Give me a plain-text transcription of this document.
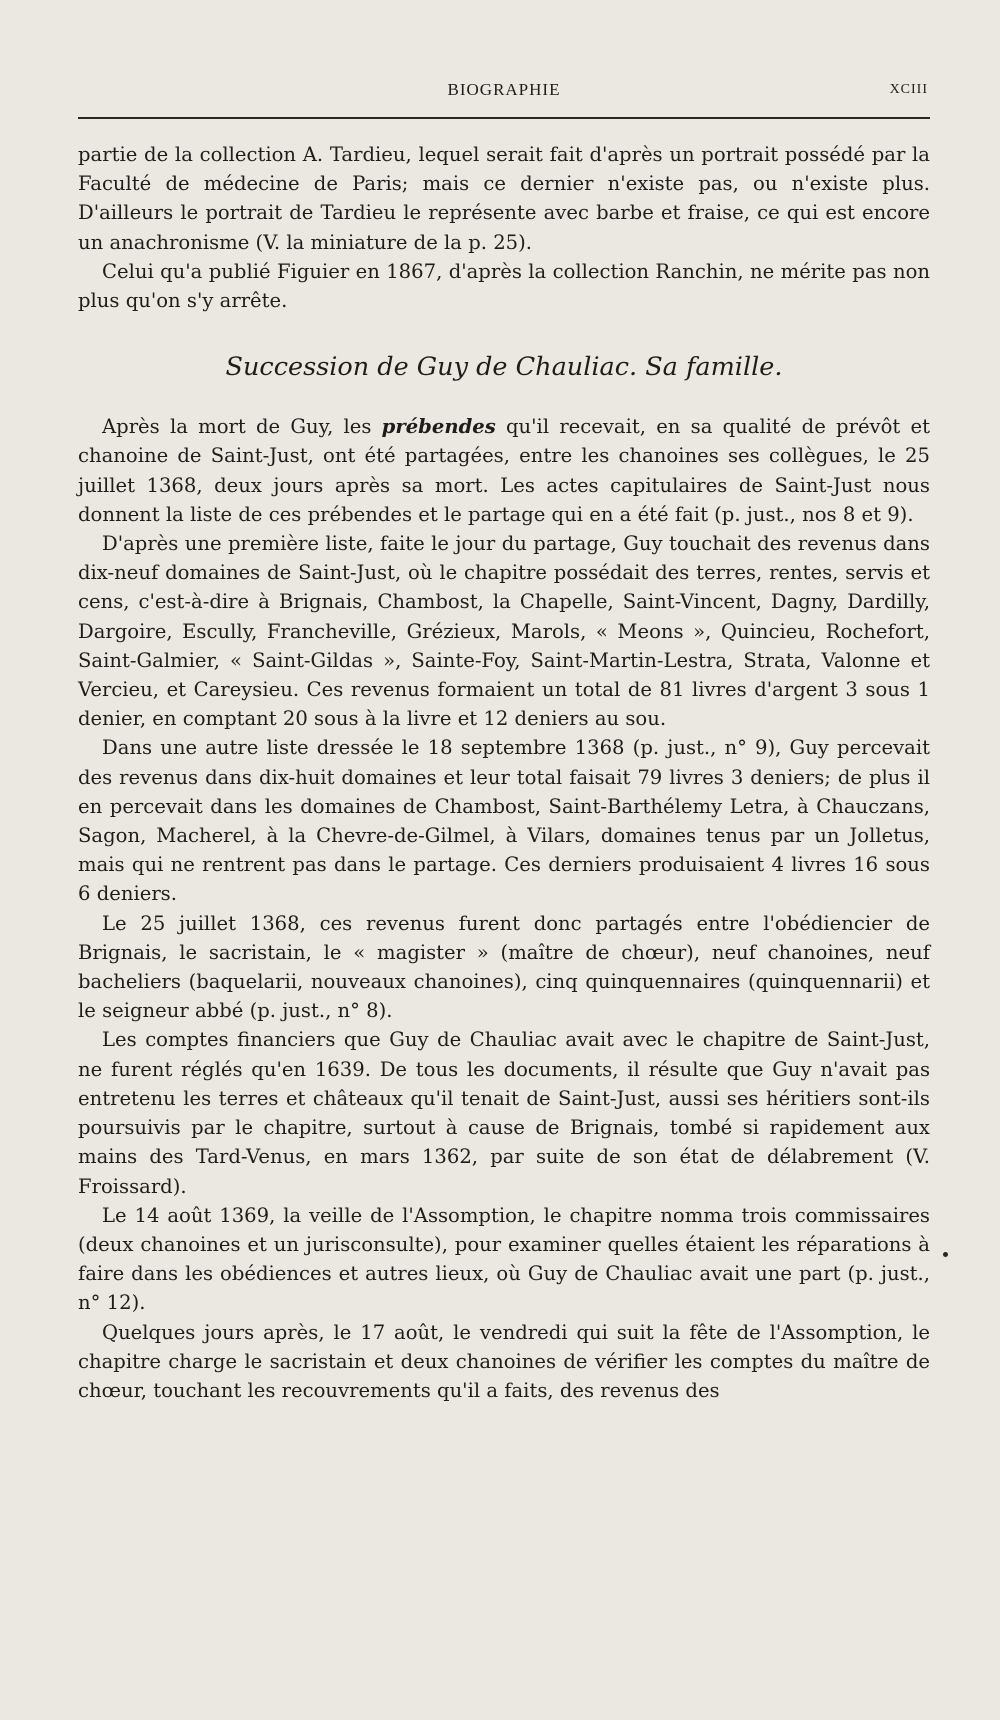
BIOGRAPHIE	XCIII

partie de la collection A. Tardieu, lequel serait fait d'après un portrait possédé par la Faculté de médecine de Paris; mais ce dernier n'existe pas, ou n'existe plus. D'ailleurs le portrait de Tardieu le représente avec barbe et fraise, ce qui est encore un anachronisme (V. la miniature de la p. 25).

Celui qu'a publié Figuier en 1867, d'après la collection Ranchin, ne mérite pas non plus qu'on s'y arrête.

Succession de Guy de Chauliac. Sa famille.

Après la mort de Guy, les prébendes qu'il recevait, en sa qualité de prévôt et chanoine de Saint-Just, ont été partagées, entre les chanoines ses collègues, le 25 juillet 1368, deux jours après sa mort. Les actes capitulaires de Saint-Just nous donnent la liste de ces prébendes et le partage qui en a été fait (p. just., nos 8 et 9).

D'après une première liste, faite le jour du partage, Guy touchait des revenus dans dix-neuf domaines de Saint-Just, où le chapitre possédait des terres, rentes, servis et cens, c'est-à-dire à Brignais, Chambost, la Chapelle, Saint-Vincent, Dagny, Dardilly, Dargoire, Escully, Francheville, Grézieux, Marols, « Meons », Quincieu, Rochefort, Saint-Galmier, « Saint-Gildas », Sainte-Foy, Saint-Martin-Lestra, Strata, Valonne et Vercieu, et Careysieu. Ces revenus formaient un total de 81 livres d'argent 3 sous 1 denier, en comptant 20 sous à la livre et 12 deniers au sou.

Dans une autre liste dressée le 18 septembre 1368 (p. just., n° 9), Guy percevait des revenus dans dix-huit domaines et leur total faisait 79 livres 3 deniers; de plus il en percevait dans les domaines de Chambost, Saint-Barthélemy Letra, à Chauczans, Sagon, Macherel, à la Chevre-de-Gilmel, à Vilars, domaines tenus par un Jolletus, mais qui ne rentrent pas dans le partage. Ces derniers produisaient 4 livres 16 sous 6 deniers.

Le 25 juillet 1368, ces revenus furent donc partagés entre l'obédiencier de Brignais, le sacristain, le « magister » (maître de chœur), neuf chanoines, neuf bacheliers (baquelarii, nouveaux chanoines), cinq quinquennaires (quinquennarii) et le seigneur abbé (p. just., n° 8).

Les comptes financiers que Guy de Chauliac avait avec le chapitre de Saint-Just, ne furent réglés qu'en 1639. De tous les documents, il résulte que Guy n'avait pas entretenu les terres et châteaux qu'il tenait de Saint-Just, aussi ses héritiers sont-ils poursuivis par le chapitre, surtout à cause de Brignais, tombé si rapidement aux mains des Tard-Venus, en mars 1362, par suite de son état de délabrement (V. Froissard).

Le 14 août 1369, la veille de l'Assomption, le chapitre nomma trois commissaires (deux chanoines et un jurisconsulte), pour examiner quelles étaient les réparations à faire dans les obédiences et autres lieux, où Guy de Chauliac avait une part (p. just., n° 12).

Quelques jours après, le 17 août, le vendredi qui suit la fête de l'Assomption, le chapitre charge le sacristain et deux chanoines de vérifier les comptes du maître de chœur, touchant les recouvrements qu'il a faits, des revenus des
